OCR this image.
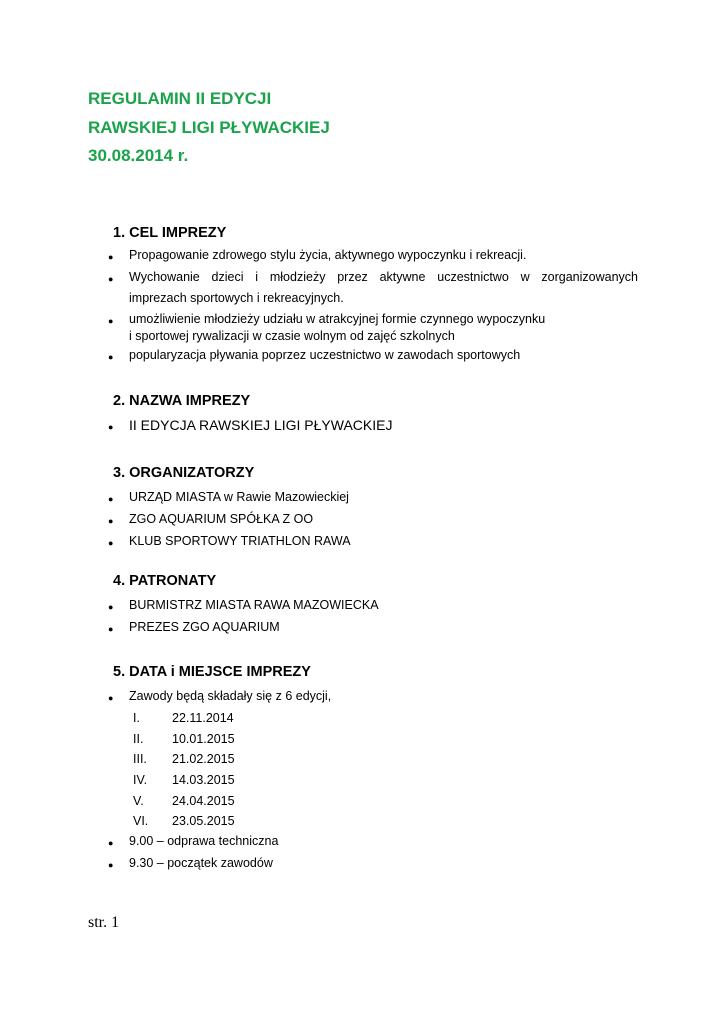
REGULAMIN II EDYCJI
RAWSKIEJ LIGI PŁYWACKIEJ
30.08.2014 r.
1. CEL IMPREZY
● Propagowanie zdrowego stylu życia, aktywnego wypoczynku i rekreacji.
● Wychowanie dzieci i młodzieży przez aktywne uczestnictwo w zorganizowanych
imprezach sportowych i rekreacyjnych.
● umożliwienie młodzieży udziału w atrakcyjnej formie czynnego wypoczynku
i sportowej rywalizacji w czasie wolnym od zajęć szkolnych
● popularyzacja pływania poprzez uczestnictwo w zawodach sportowych
2. NAZWA IMPREZY
● II EDYCJA RAWSKIEJ LIGI PŁYWACKIEJ
3. ORGANIZATORZY
● URZĄD MIASTA w Rawie Mazowieckiej
● ZGO AQUARIUM SPÓŁKA Z OO
● KLUB SPORTOWY TRIATHLON RAWA
4. PATRONATY
● BURMISTRZ MIASTA RAWA MAZOWIECKA
● PREZES ZGO AQUARIUM
5. DATA i MIEJSCE IMPREZY
● Zawody będą składały się z 6 edycji,
I.	22.11.2014
II. 10.01.2015
III. 21.02.2015
IV. 14.03.2015
V. 24.04.2015
VI. 23.05.2015
● 9.00 – odprawa techniczna
● 9.30 – początek zawodów
str. 1
